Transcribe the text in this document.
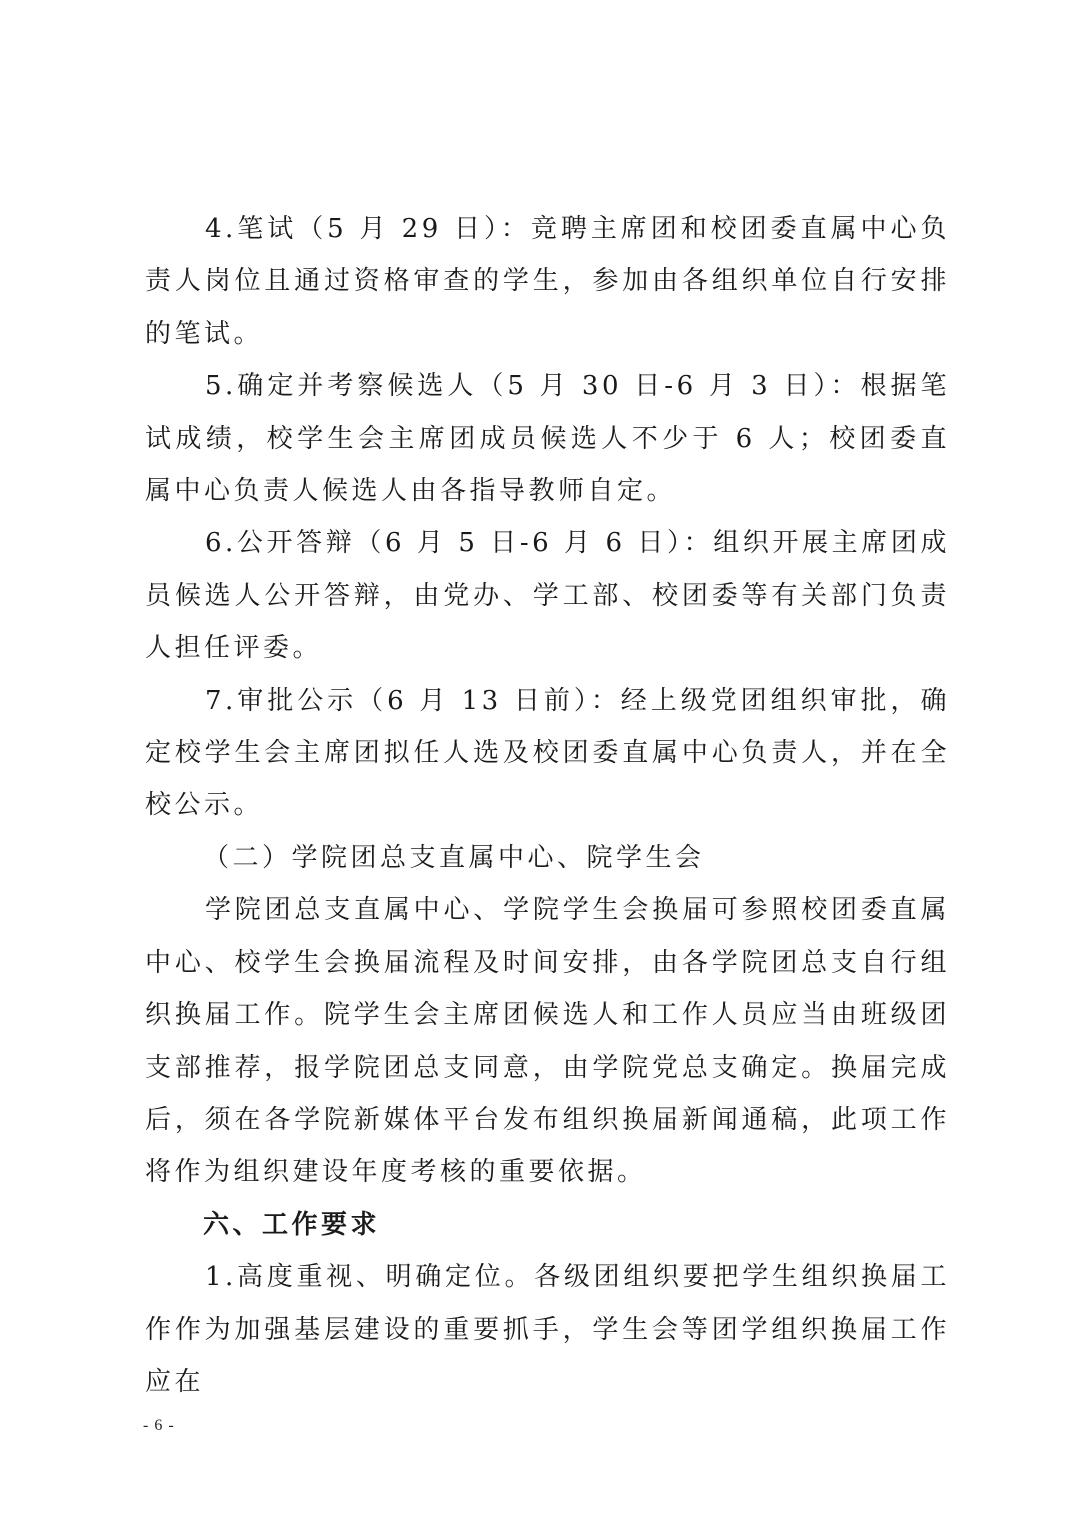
4.笔试（5 月 29 日）：竞聘主席团和校团委直属中心负责人岗位且通过资格审查的学生，参加由各组织单位自行安排的笔试。

5.确定并考察候选人（5 月 30 日-6 月 3 日）：根据笔试成绩，校学生会主席团成员候选人不少于 6 人；校团委直属中心负责人候选人由各指导教师自定。

6.公开答辩（6 月 5 日-6 月 6 日）：组织开展主席团成员候选人公开答辩，由党办、学工部、校团委等有关部门负责人担任评委。

7.审批公示（6 月 13 日前）：经上级党团组织审批，确定校学生会主席团拟任人选及校团委直属中心负责人，并在全校公示。

（二）学院团总支直属中心、院学生会

学院团总支直属中心、学院学生会换届可参照校团委直属中心、校学生会换届流程及时间安排，由各学院团总支自行组织换届工作。院学生会主席团候选人和工作人员应当由班级团支部推荐，报学院团总支同意，由学院党总支确定。换届完成后，须在各学院新媒体平台发布组织换届新闻通稿，此项工作将作为组织建设年度考核的重要依据。

六、工作要求

1.高度重视、明确定位。各级团组织要把学生组织换届工作作为加强基层建设的重要抓手，学生会等团学组织换届工作应在

- 6 -
